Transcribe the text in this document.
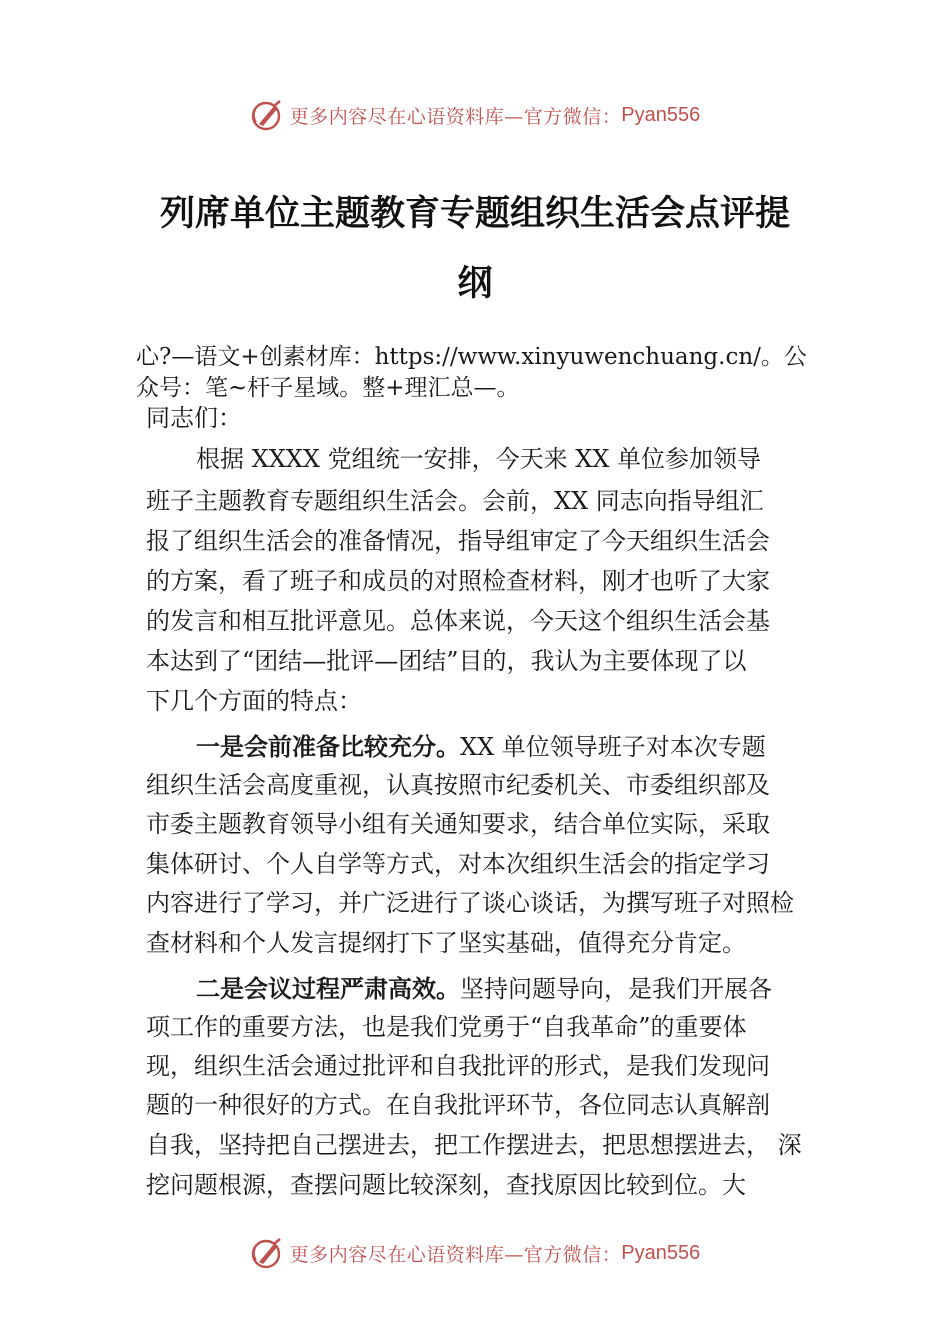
更多内容尽在心语资料库—官方微信： Pyan556
列席单位主题教育专题组织生活会点评提
纲
心?—语文+创素材库：https://www.xinyuwenchuang.cn/。公
众号：笔~杆子星域。整+理汇总—。
同志们：
根据 XXXX 党组统一安排，今天来 XX 单位参加领导
班子主题教育专题组织生活会。会前，XX 同志向指导组汇
报了组织生活会的准备情况，指导组审定了今天组织生活会
的方案，看了班子和成员的对照检查材料，刚才也听了大家
的发言和相互批评意见。总体来说，今天这个组织生活会基
本达到了“团结—批评—团结”目的，我认为主要体现了以
下几个方面的特点：
一是会前准备比较充分。XX 单位领导班子对本次专题
组织生活会高度重视，认真按照市纪委机关、市委组织部及
市委主题教育领导小组有关通知要求，结合单位实际，采取
集体研讨、个人自学等方式，对本次组织生活会的指定学习
内容进行了学习，并广泛进行了谈心谈话，为撰写班子对照检
查材料和个人发言提纲打下了坚实基础，值得充分肯定。
二是会议过程严肃高效。坚持问题导向，是我们开展各
项工作的重要方法，也是我们党勇于“自我革命”的重要体
现，组织生活会通过批评和自我批评的形式，是我们发现问
题的一种很好的方式。在自我批评环节，各位同志认真解剖
自我，坚持把自己摆进去，把工作摆进去，把思想摆进去， 深
挖问题根源，查摆问题比较深刻，查找原因比较到位。大
更多内容尽在心语资料库—官方微信： Pyan556
